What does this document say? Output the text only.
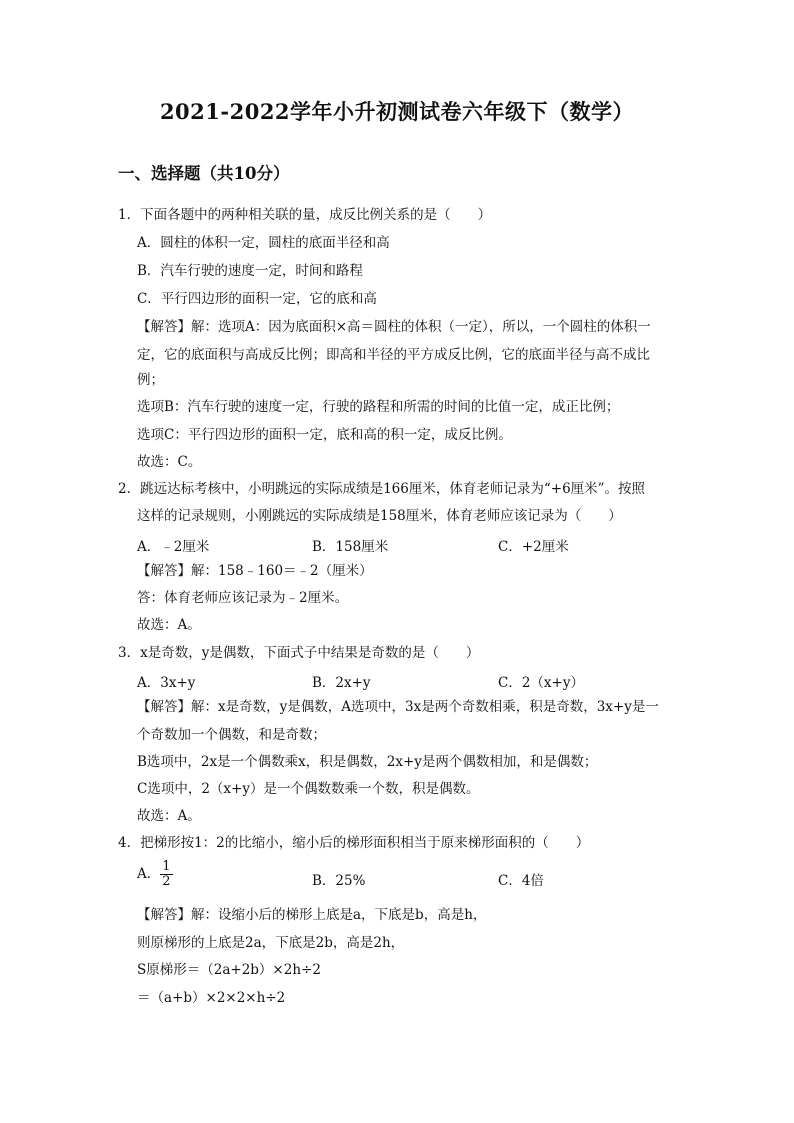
2021-2022学年小升初测试卷六年级下（数学）
一、选择题（共10分）
1．下面各题中的两种相关联的量，成反比例关系的是（　　）
A．圆柱的体积一定，圆柱的底面半径和高
B．汽车行驶的速度一定，时间和路程
C．平行四边形的面积一定，它的底和高
【解答】解：选项A：因为底面积×高＝圆柱的体积（一定），所以，一个圆柱的体积一
定，它的底面积与高成反比例；即高和半径的平方成反比例，它的底面半径与高不成比
例；
选项B：汽车行驶的速度一定，行驶的路程和所需的时间的比值一定，成正比例；
选项C：平行四边形的面积一定，底和高的积一定，成反比例。
故选：C。
2．跳远达标考核中，小明跳远的实际成绩是166厘米，体育老师记录为“+6厘米”。按照
这样的记录规则，小刚跳远的实际成绩是158厘米，体育老师应该记录为（　　）
A．﹣2厘米	B．158厘米	C．+2厘米
【解答】解：158﹣160＝﹣2（厘米）
答：体育老师应该记录为﹣2厘米。
故选：A。
3．x是奇数，y是偶数，下面式子中结果是奇数的是（　　）
A．3x+y	B．2x+y	C．2（x+y）
【解答】解：x是奇数，y是偶数，A选项中，3x是两个奇数相乘，积是奇数，3x+y是一
个奇数加一个偶数，和是奇数；
B选项中，2x是一个偶数乘x，积是偶数，2x+y是两个偶数相加，和是偶数；
C选项中，2（x+y）是一个偶数数乘一个数，积是偶数。
故选：A。
4．把梯形按1：2的比缩小，缩小后的梯形面积相当于原来梯形面积的（　　）
A． $\frac{1}{2}$	B．25%	C．4倍
【解答】解：设缩小后的梯形上底是a，下底是b，高是h，
则原梯形的上底是2a，下底是2b，高是2h，
S原梯形＝（2a+2b）×2h÷2
＝（a+b）×2×2×h÷2
